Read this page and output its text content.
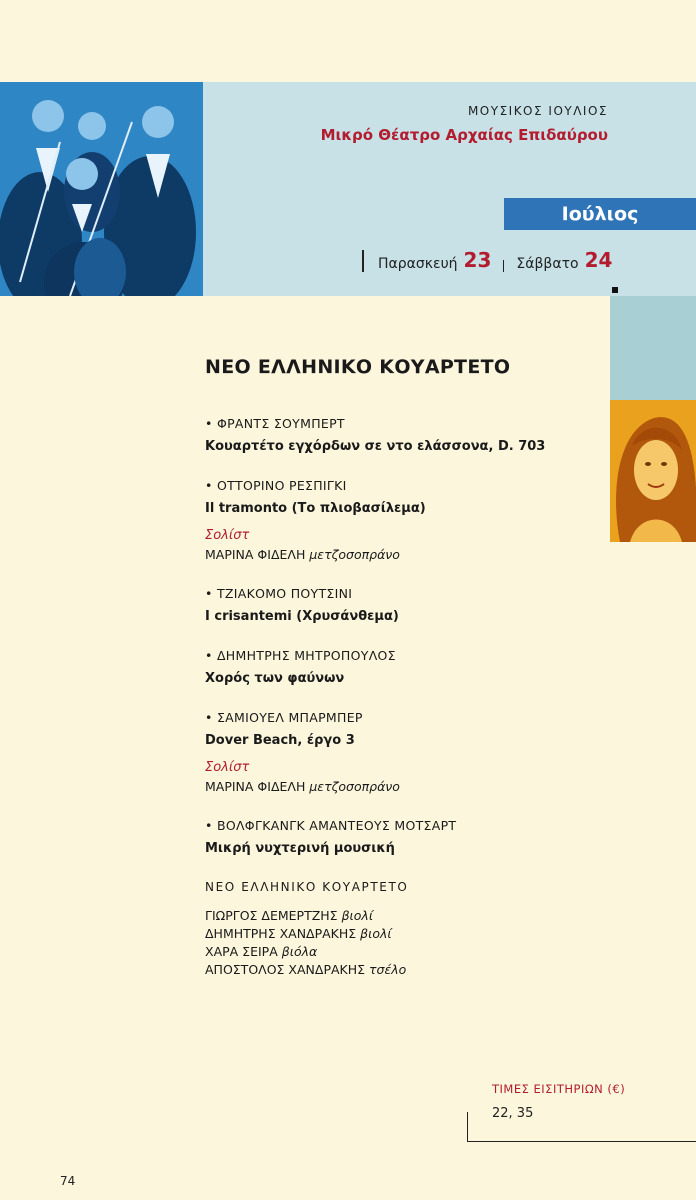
ΜΟΥΣΙΚΟΣ ΙΟΥΛΙΟΣ
Μικρό Θέατρο Αρχαίας Επιδαύρου
Ιούλιος
Παρασκευή 23 Σάββατο 24
ΝΕΟ ΕΛΛΗΝΙΚΟ ΚΟΥΑΡΤΕΤΟ
• ΦΡΑΝΤΣ ΣΟΥΜΠΕΡΤ
Κουαρτέτο εγχόρδων σε ντο ελάσσονα, D. 703
• ΟΤΤΟΡΙΝΟ ΡΕΣΠΙΓΚΙ
Il tramonto (Το πλιοβασίλεμα)
Σολίστ
ΜΑΡΙΝΑ ΦΙΔΕΛΗ μετζοσοπράνο
• ΤΖΙΑΚΟΜΟ ΠΟΥΤΣΙΝΙ
I crisantemi (Χρυσάνθεμα)
• ΔΗΜΗΤΡΗΣ ΜΗΤΡΟΠΟΥΛΟΣ
Χορός των φαύνων
• ΣΑΜΙΟΥΕΛ ΜΠΑΡΜΠΕΡ
Dover Beach, έργο 3
Σολίστ
ΜΑΡΙΝΑ ΦΙΔΕΛΗ μετζοσοπράνο
• ΒΟΛΦΓΚΑΝΓΚ ΑΜΑΝΤΕΟΥΣ ΜΟΤΣΑΡΤ
Μικρή νυχτερινή μουσική
ΝΕΟ ΕΛΛΗΝΙΚΟ ΚΟΥΑΡΤΕΤΟ
ΓΙΩΡΓΟΣ ΔΕΜΕΡΤΖΗΣ βιολί
ΔΗΜΗΤΡΗΣ ΧΑΝΔΡΑΚΗΣ βιολί
ΧΑΡΑ ΣΕΙΡΑ βιόλα
ΑΠΟΣΤΟΛΟΣ ΧΑΝΔΡΑΚΗΣ τσέλο
ΤΙΜΕΣ ΕΙΣΙΤΗΡΙΩΝ (€)
22, 35
74
